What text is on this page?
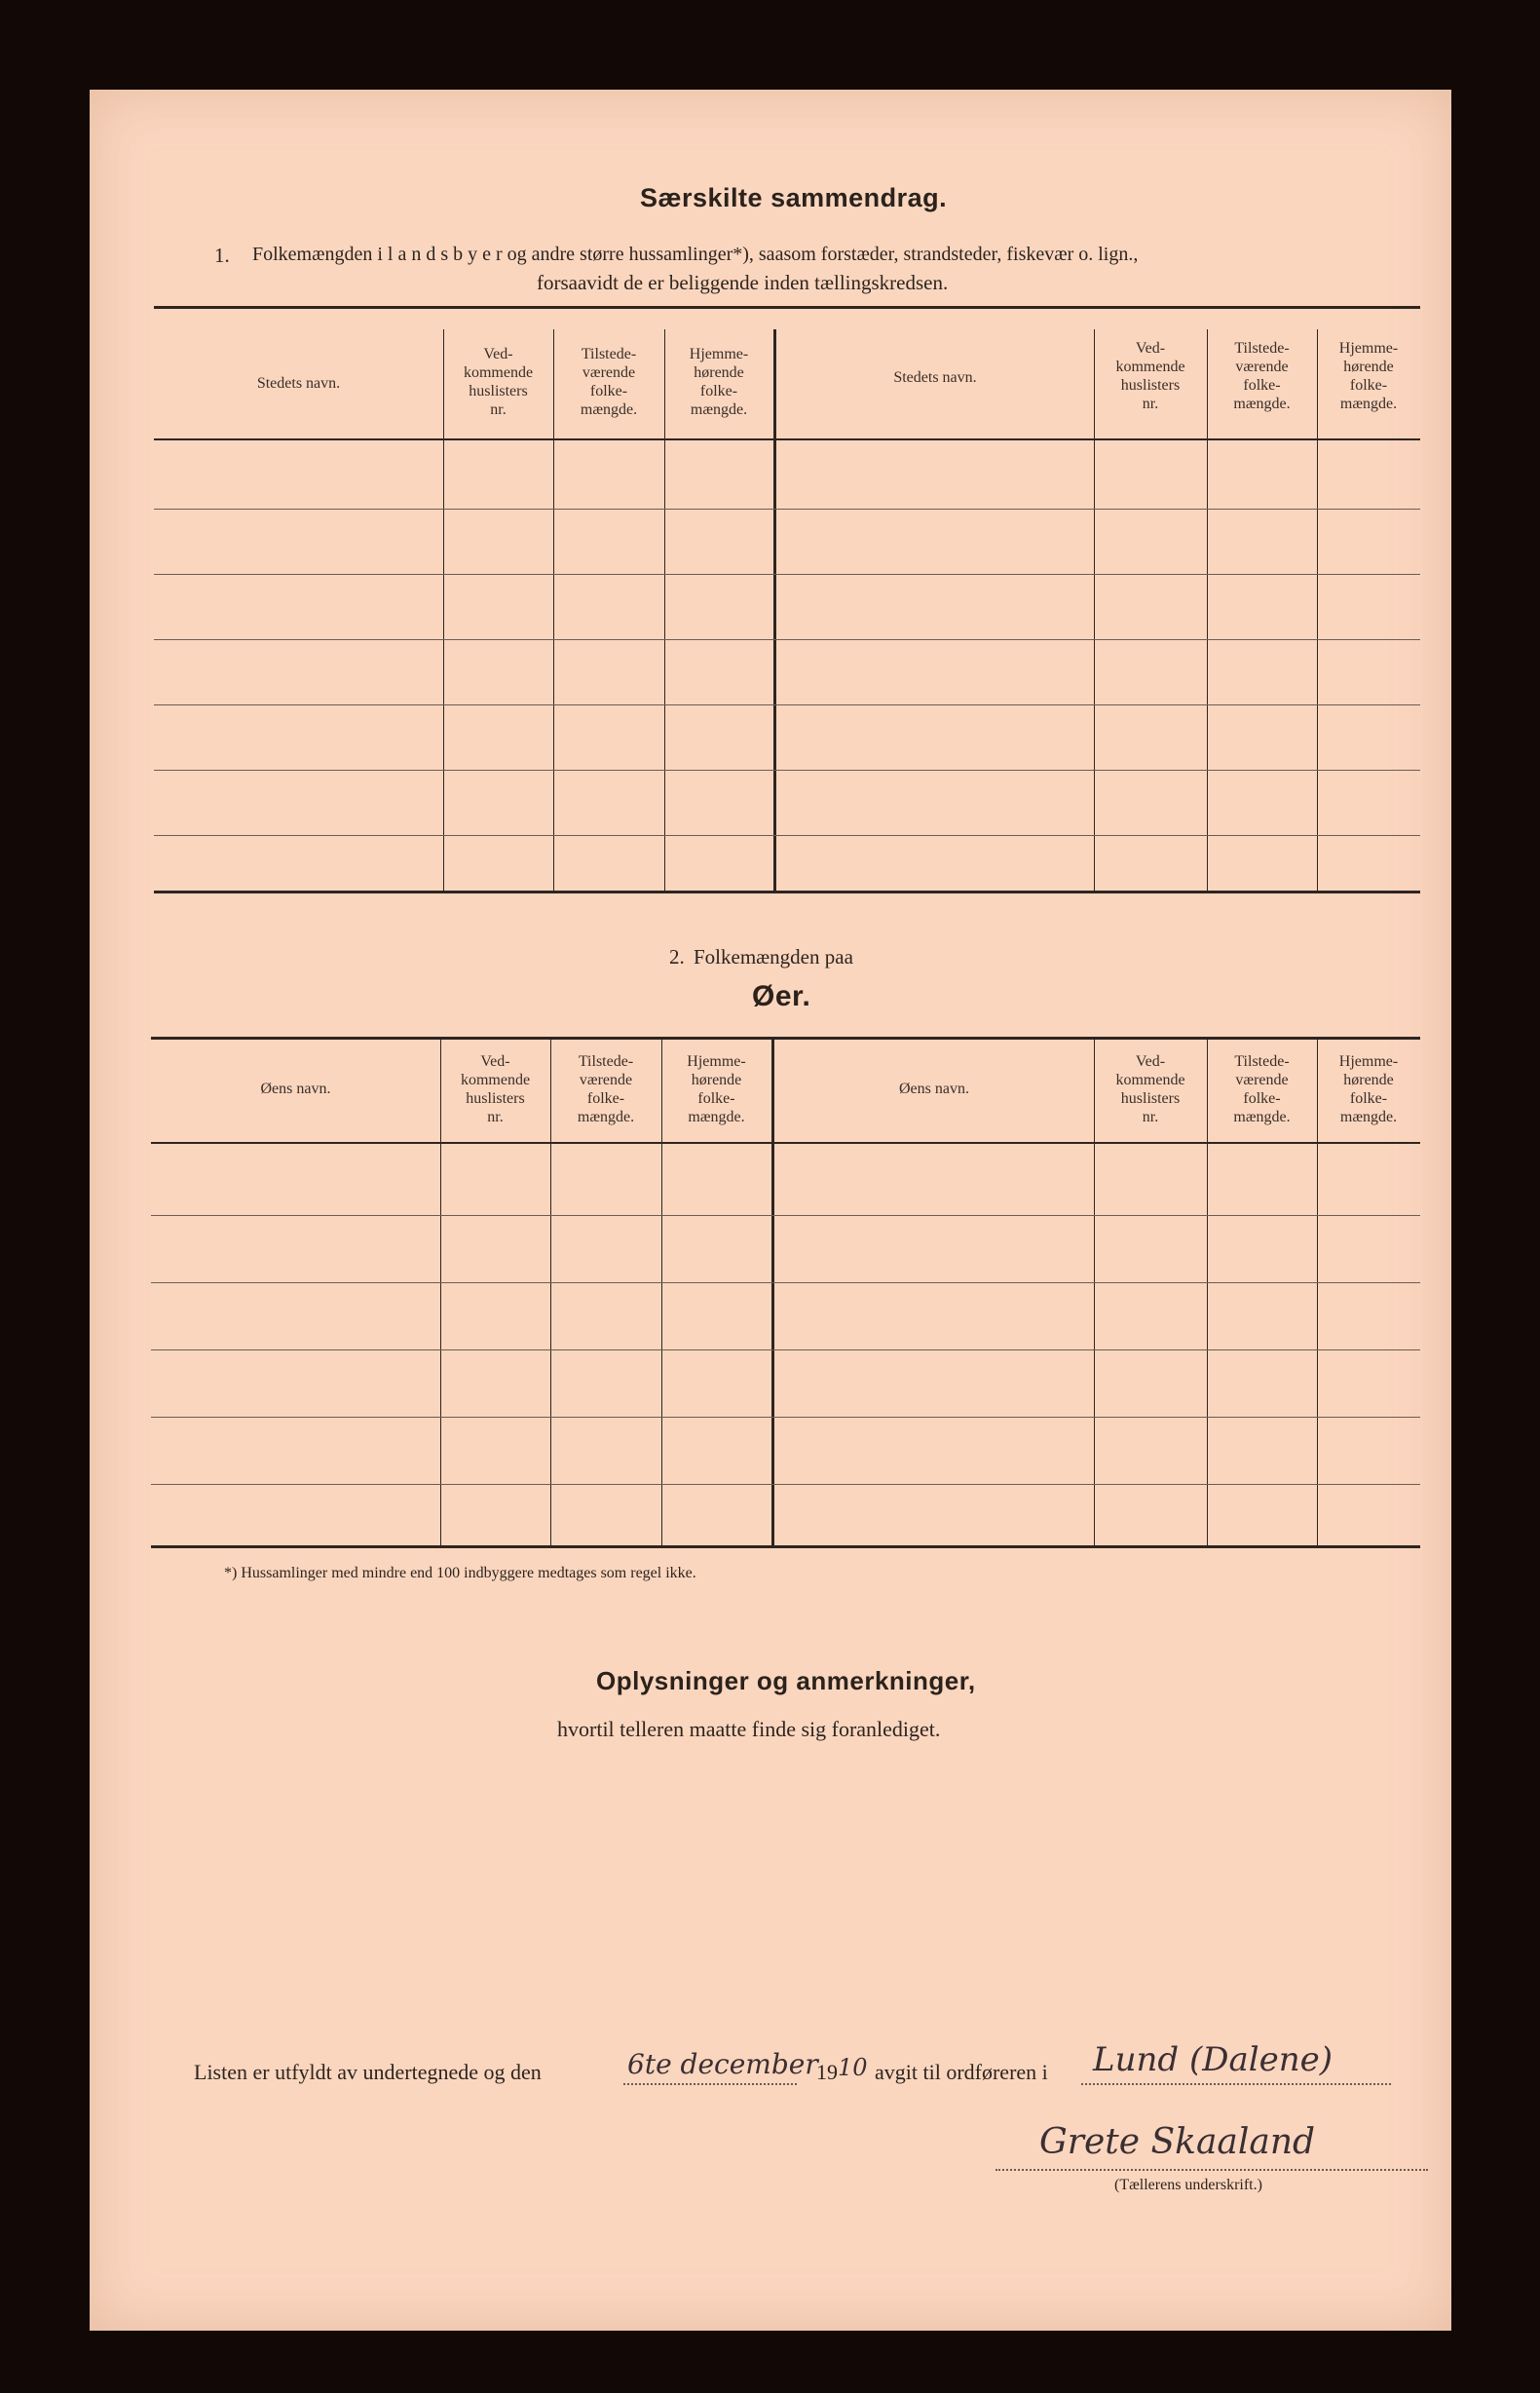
Særskilte sammendrag.
1. Folkemængden i l a n d s b y e r og andre større hussamlinger*), saasom forstæder, strandsteder, fiskevær o. lign.,
forsaavidt de er beliggende inden tællingskredsen.
Stedets navn.
Ved-
kommende
huslisters
nr.
Tilstede-
værende
folke-
mængde.
Hjemme-
hørende
folke-
mængde.
Stedets navn.
Ved-
kommende
huslisters
nr.
Tilstede-
værende
folke-
mængde.
Hjemme-
hørende
folke-
mængde.
2. Folkemængden paa
Øer.
Øens navn.
Ved-
kommende
huslisters
nr.
Tilstede-
værende
folke-
mængde.
Hjemme-
hørende
folke-
mængde.
Øens navn.
Ved-
kommende
huslisters
nr.
Tilstede-
værende
folke-
mængde.
Hjemme-
hørende
folke-
mængde.
*) Hussamlinger med mindre end 100 indbyggere medtages som regel ikke.
Oplysninger og anmerkninger,
hvortil telleren maatte finde sig foranlediget.
Listen er utfyldt av undertegnede og den	6te december
19 10 avgit til ordføreren i Lund (Dalene)
Grete Skaaland
(Tællerens underskrift.)
